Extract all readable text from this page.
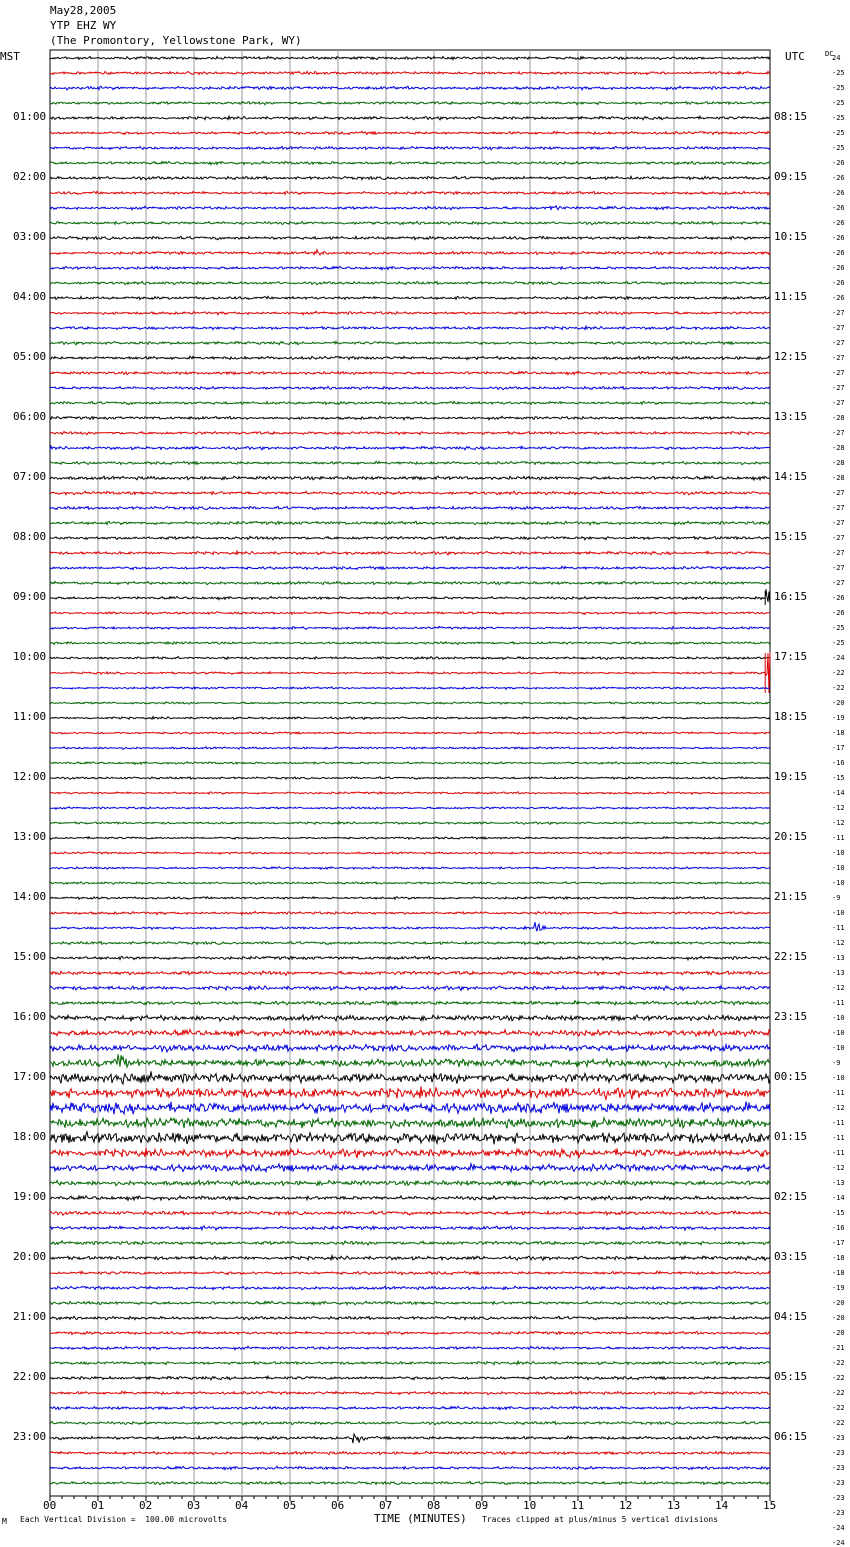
May28,2005
YTP EHZ WY
(The Promontory, Yellowstone Park, WY)
MST	UTC	DC
00	01	02	03	04	05	06	07	08	09	10	11	12	13	14	15
01:00
02:00
03:00
04:00
05:00
06:00
07:00
08:00
09:00
10:00
11:00
12:00
13:00
14:00
15:00
16:00
17:00
18:00
19:00
20:00
21:00
22:00
23:00
08:15
09:15
10:15
11:15
12:15
13:15
14:15
15:15
16:15
17:15
18:15
19:15
20:15
21:15
22:15
23:15
00:15
01:15
02:15
03:15
04:15
05:15
06:15
24
-25
-25
-25
-25
-25
-25
-26
-26
-26
-26
-26
-26
-26
-26
-26
-26
-27
-27
-27
-27
-27
-27
-27
-28
-27
-28
-28
-28
-27
-27
-27
-27
-27
-27
-27
-26
-26
-25
-25
-24
-22
-22
-20
-19
-18
-17
-16
-15
-14
-12
-12
-11
-10
-10
-10
-9
-10
-11
-12
-13
-13
-12
-11
-10
-10
-10
-9
-10
-11
-12
-11
-11
-11
-12
-13
-14
-15
-16
-17
-18
-18
-19
-20
-20
-20
-21
-22
-22
-22
-22
-22
-23
-23
-23
-23
-23
-23
-24
-24
M Each Vertical Division =  100.00 microvolts	TIME (MINUTES) Traces clipped at plus/minus 5 vertical divisions
